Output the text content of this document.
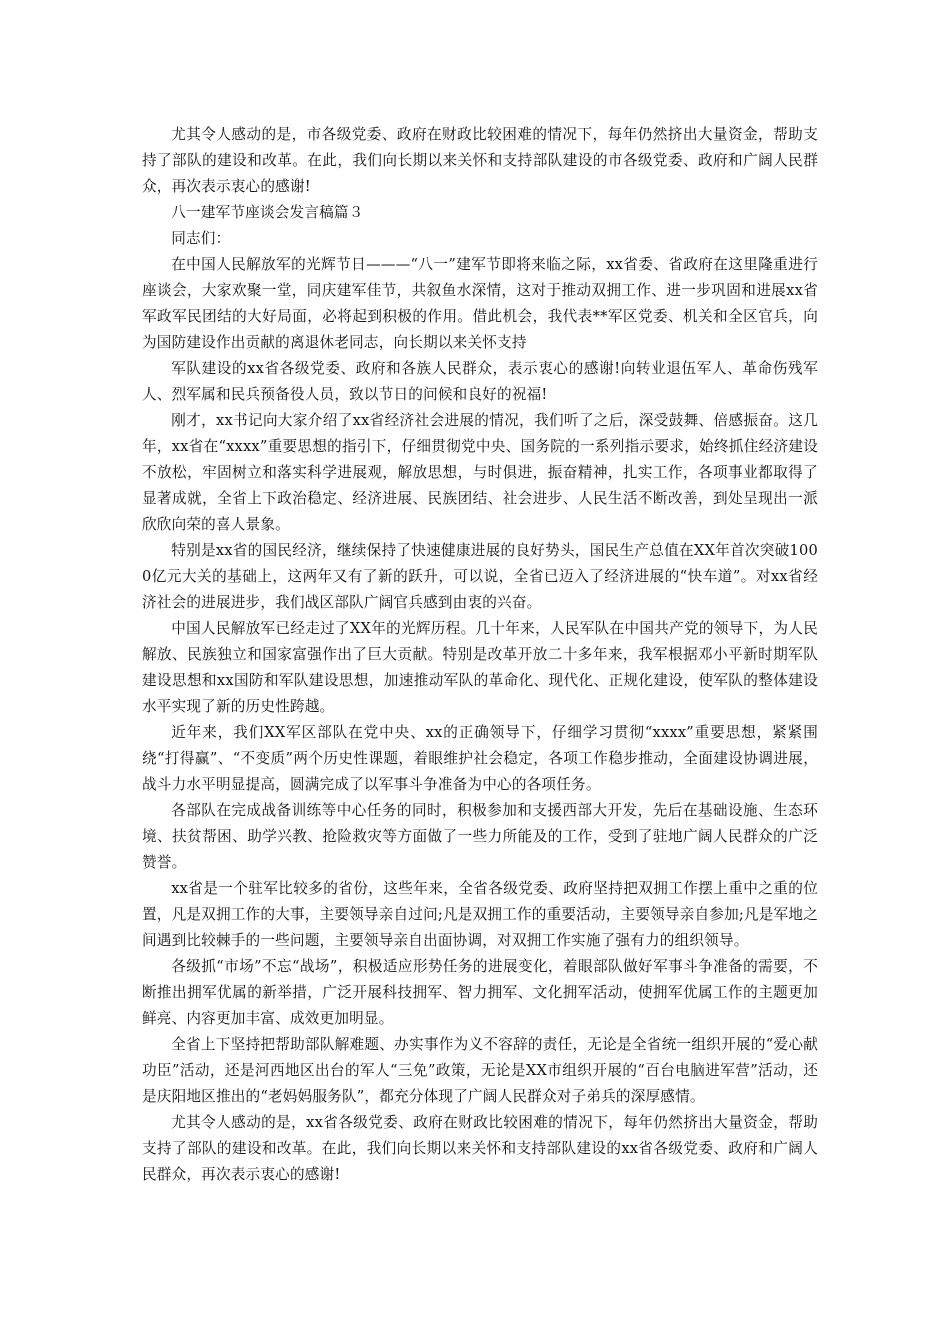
尤其令人感动的是，市各级党委、政府在财政比较困难的情况下，每年仍然挤出大量资金，帮助支持了部队的建设和改革。在此，我们向长期以来关怀和支持部队建设的市各级党委、政府和广阔人民群众，再次表示衷心的感谢!

八一建军节座谈会发言稿篇３

同志们：

在中国人民解放军的光辉节日———“八一”建军节即将来临之际，xx省委、省政府在这里隆重进行座谈会，大家欢聚一堂，同庆建军佳节，共叙鱼水深情，这对于推动双拥工作、进一步巩固和进展xx省军政军民团结的大好局面，必将起到积极的作用。借此机会，我代表**军区党委、机关和全区官兵，向为国防建设作出贡献的离退休老同志，向长期以来关怀支持

军队建设的xx省各级党委、政府和各族人民群众，表示衷心的感谢!向转业退伍军人、革命伤残军人、烈军属和民兵预备役人员，致以节日的问候和良好的祝福!

刚才，xx书记向大家介绍了xx省经济社会进展的情况，我们听了之后，深受鼓舞、倍感振奋。这几年，xx省在“xxxx”重要思想的指引下，仔细贯彻党中央、国务院的一系列指示要求，始终抓住经济建设不放松，牢固树立和落实科学进展观，解放思想，与时俱进，振奋精神，扎实工作，各项事业都取得了显著成就，全省上下政治稳定、经济进展、民族团结、社会进步、人民生活不断改善，到处呈现出一派欣欣向荣的喜人景象。

特别是xx省的国民经济，继续保持了快速健康进展的良好势头，国民生产总值在XX年首次突破1000亿元大关的基础上，这两年又有了新的跃升，可以说，全省已迈入了经济进展的“快车道”。对xx省经济社会的进展进步，我们战区部队广阔官兵感到由衷的兴奋。

中国人民解放军已经走过了XX年的光辉历程。几十年来，人民军队在中国共产党的领导下，为人民解放、民族独立和国家富强作出了巨大贡献。特别是改革开放二十多年来，我军根据邓小平新时期军队建设思想和xx国防和军队建设思想，加速推动军队的革命化、现代化、正规化建设，使军队的整体建设水平实现了新的历史性跨越。

近年来，我们XX军区部队在党中央、xx的正确领导下，仔细学习贯彻“xxxx”重要思想，紧紧围绕“打得赢”、“不变质”两个历史性课题，着眼维护社会稳定，各项工作稳步推动，全面建设协调进展，战斗力水平明显提高，圆满完成了以军事斗争准备为中心的各项任务。

各部队在完成战备训练等中心任务的同时，积极参加和支援西部大开发，先后在基础设施、生态环境、扶贫帮困、助学兴教、抢险救灾等方面做了一些力所能及的工作，受到了驻地广阔人民群众的广泛赞誉。

xx省是一个驻军比较多的省份，这些年来，全省各级党委、政府坚持把双拥工作摆上重中之重的位置，凡是双拥工作的大事，主要领导亲自过问;凡是双拥工作的重要活动，主要领导亲自参加;凡是军地之间遇到比较棘手的一些问题，主要领导亲自出面协调，对双拥工作实施了强有力的组织领导。

各级抓“市场”不忘“战场”，积极适应形势任务的进展变化，着眼部队做好军事斗争准备的需要，不断推出拥军优属的新举措，广泛开展科技拥军、智力拥军、文化拥军活动，使拥军优属工作的主题更加鲜亮、内容更加丰富、成效更加明显。

全省上下坚持把帮助部队解难题、办实事作为义不容辞的责任，无论是全省统一组织开展的“爱心献功臣”活动，还是河西地区出台的军人“三免”政策，无论是XX市组织开展的“百台电脑进军营”活动，还是庆阳地区推出的“老妈妈服务队”，都充分体现了广阔人民群众对子弟兵的深厚感情。

尤其令人感动的是，xx省各级党委、政府在财政比较困难的情况下，每年仍然挤出大量资金，帮助支持了部队的建设和改革。在此，我们向长期以来关怀和支持部队建设的xx省各级党委、政府和广阔人民群众，再次表示衷心的感谢!
